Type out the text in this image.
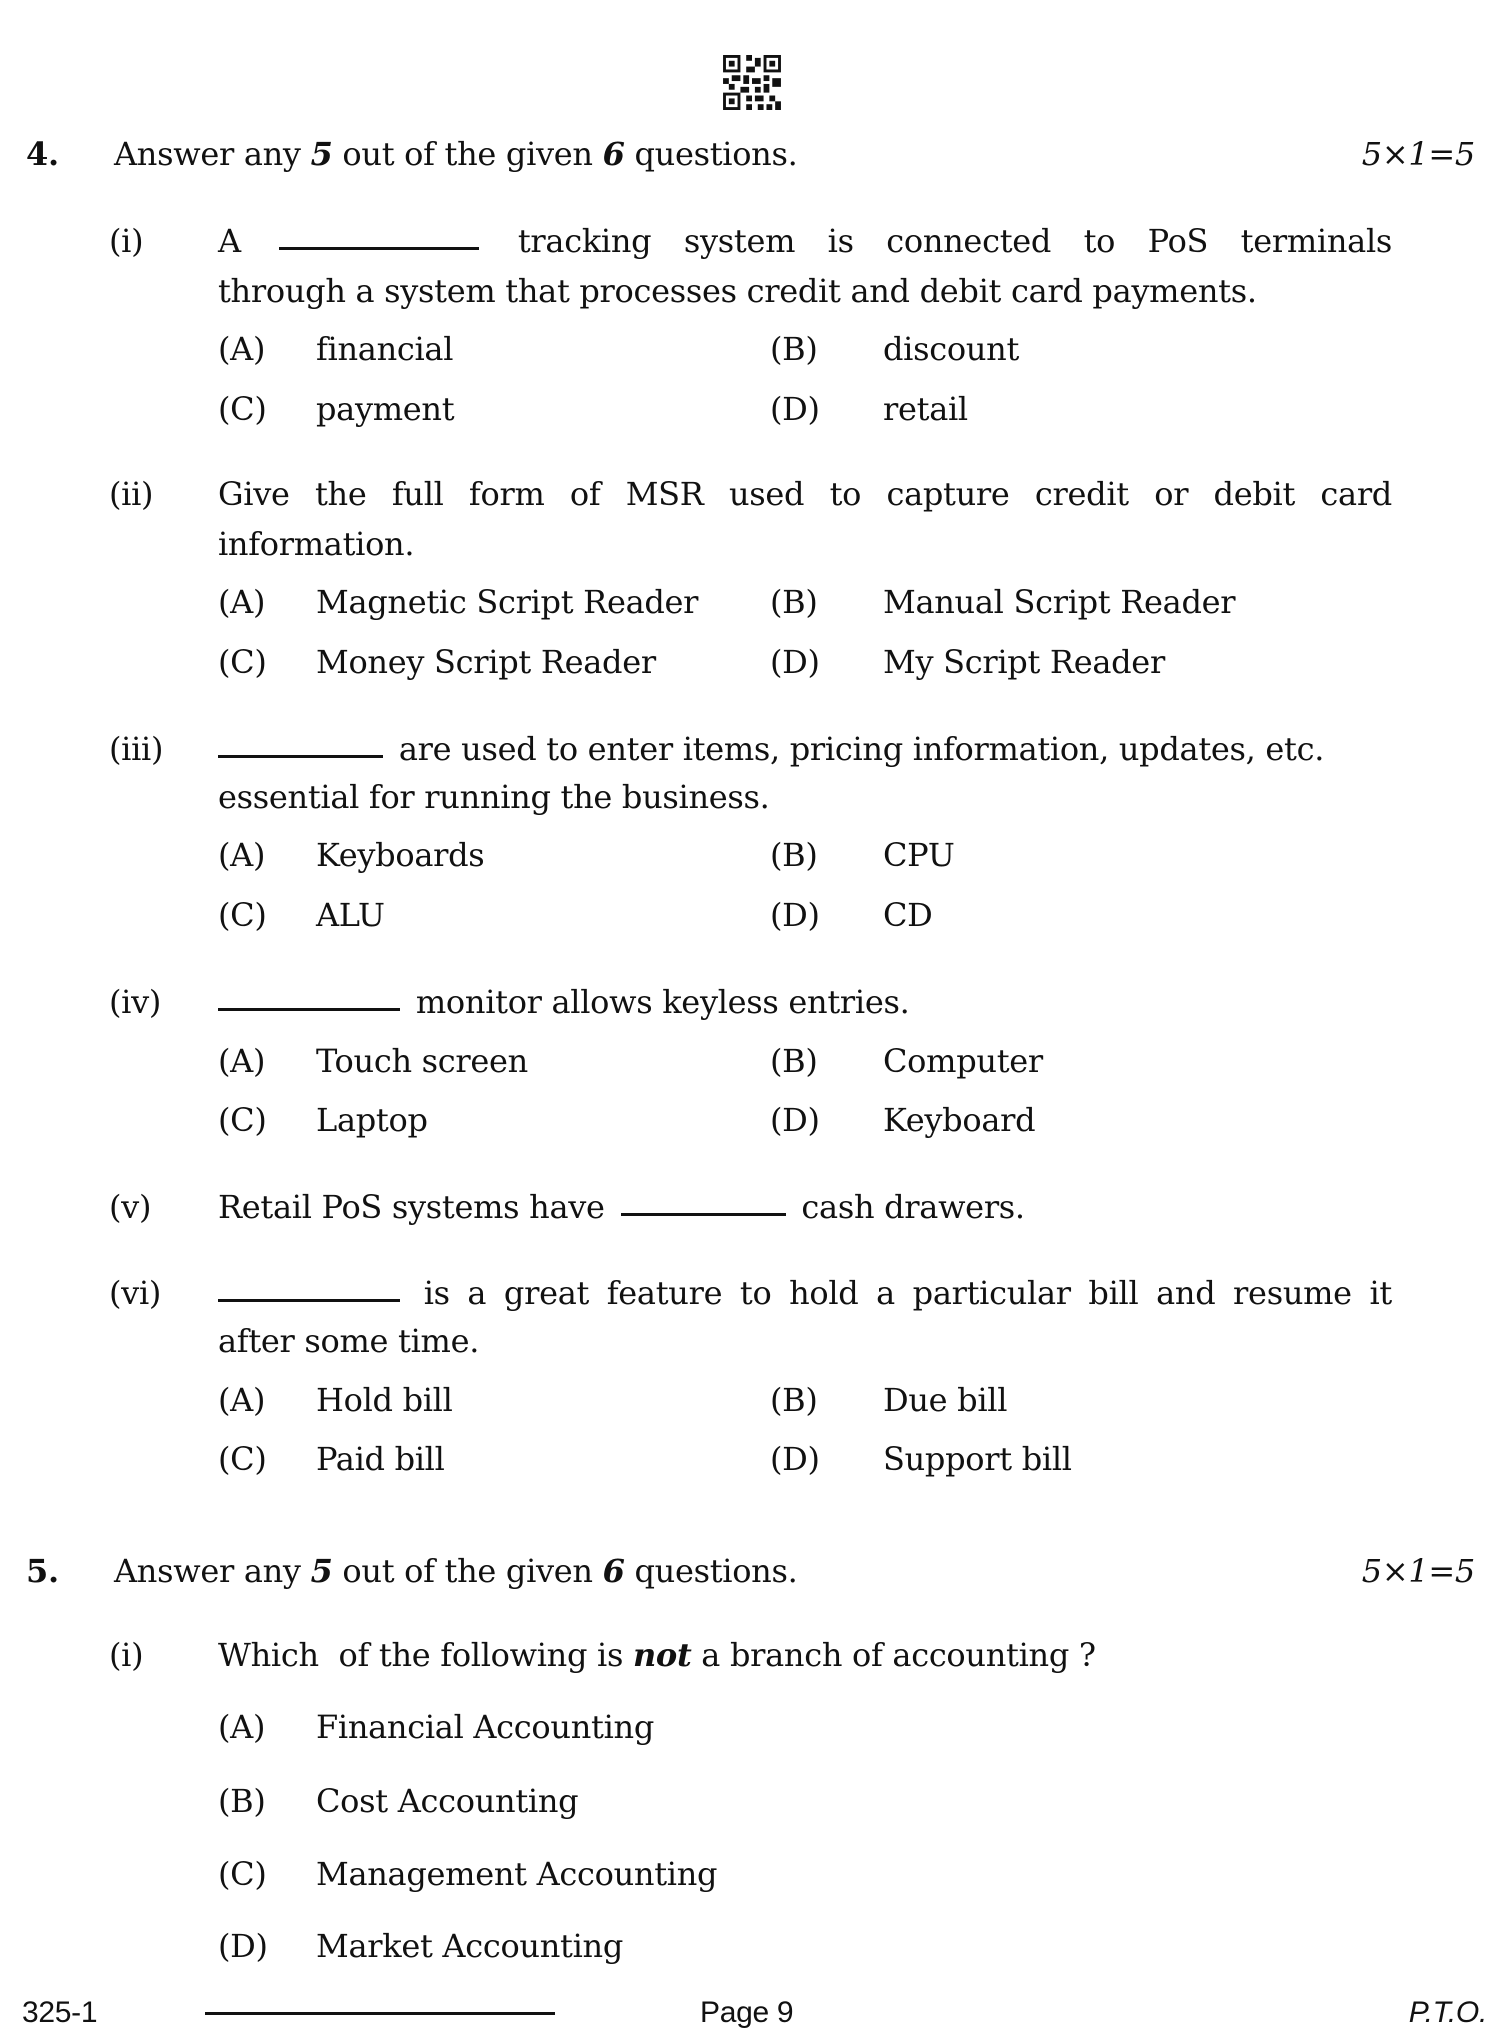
4. Answer any 5 out of the given 6 questions.	5×1=5
(i) A	tracking system is connected to PoS terminals
through a system that processes credit and debit card payments.
(A) financial	(B) discount
(C) payment	(D) retail
(ii) Give the full form of MSR used to capture credit or debit card
information.
(A) Magnetic Script Reader (B) Manual Script Reader
(C) Money Script Reader	(D) My Script Reader
(iii)	are used to enter items, pricing information, updates, etc.
essential for running the business.
(A) Keyboards	(B) CPU
(C) ALU	(D) CD
(iv)	monitor allows keyless entries.
(A) Touch screen	(B) Computer
(C) Laptop	(D) Keyboard
(v) Retail PoS systems have	cash drawers.
(vi)	is a great feature to hold a particular bill and resume it
after some time.
(A) Hold bill	(B) Due bill
(C) Paid bill	(D) Support bill
5. Answer any 5 out of the given 6 questions.	5×1=5
(i) Which  of the following is not a branch of accounting ?
(A) Financial Accounting
(B) Cost Accounting
(C) Management Accounting
(D) Market Accounting
325-1	Page 9	P.T.O.
